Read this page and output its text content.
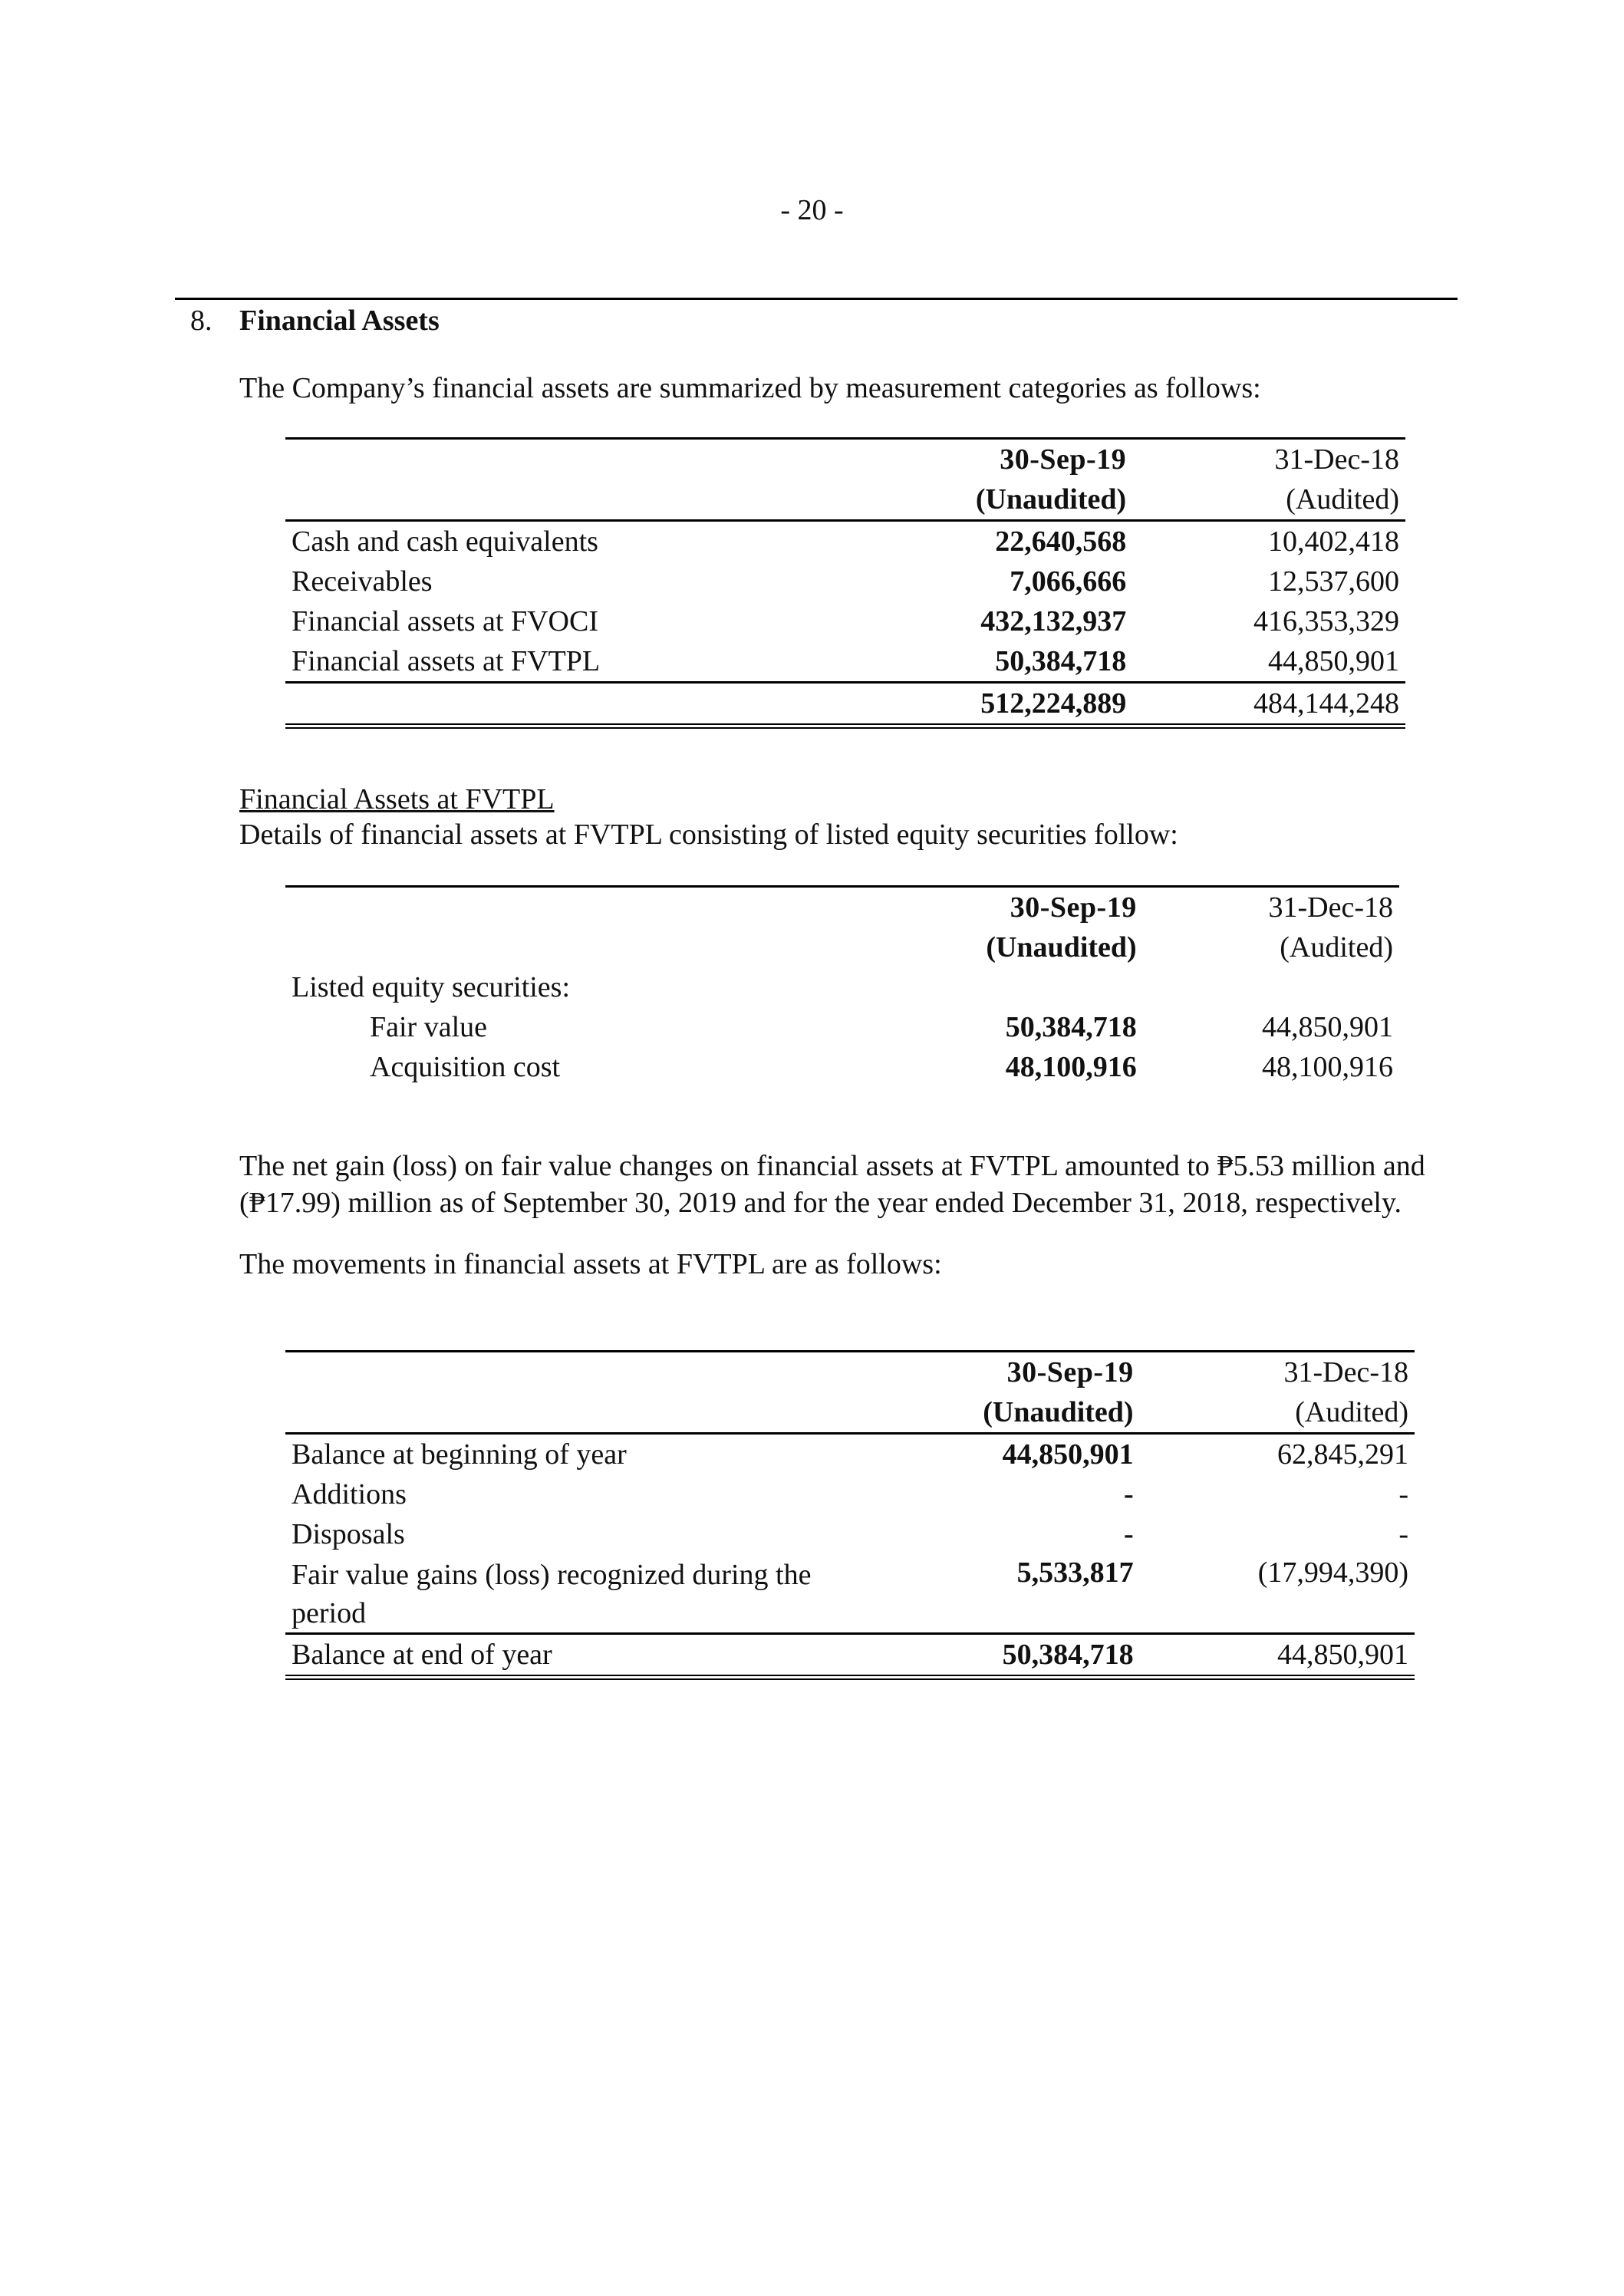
- 20 -
8. Financial Assets
The Company’s financial assets are summarized by measurement categories as follows:
	30-Sep-19	31-Dec-18
	(Unaudited)	(Audited)
Cash and cash equivalents	22,640,568	10,402,418
Receivables	7,066,666	12,537,600
Financial assets at FVOCI	432,132,937	416,353,329
Financial assets at FVTPL	50,384,718	44,850,901
	512,224,889	484,144,248
Financial Assets at FVTPL
Details of financial assets at FVTPL consisting of listed equity securities follow:
	30-Sep-19	31-Dec-18
	(Unaudited)	(Audited)
Listed equity securities:		
Fair value	50,384,718	44,850,901
Acquisition cost	48,100,916	48,100,916
The net gain (loss) on fair value changes on financial assets at FVTPL amounted to ₱5.53 million and
(₱17.99) million as of September 30, 2019 and for the year ended December 31, 2018, respectively.
The movements in financial assets at FVTPL are as follows:
	30-Sep-19	31-Dec-18
	(Unaudited)	(Audited)
Balance at beginning of year	44,850,901	62,845,291
Additions	-	-
Disposals	-	-
Fair value gains (loss) recognized during the period	5,533,817	(17,994,390)
Balance at end of year	50,384,718	44,850,901
